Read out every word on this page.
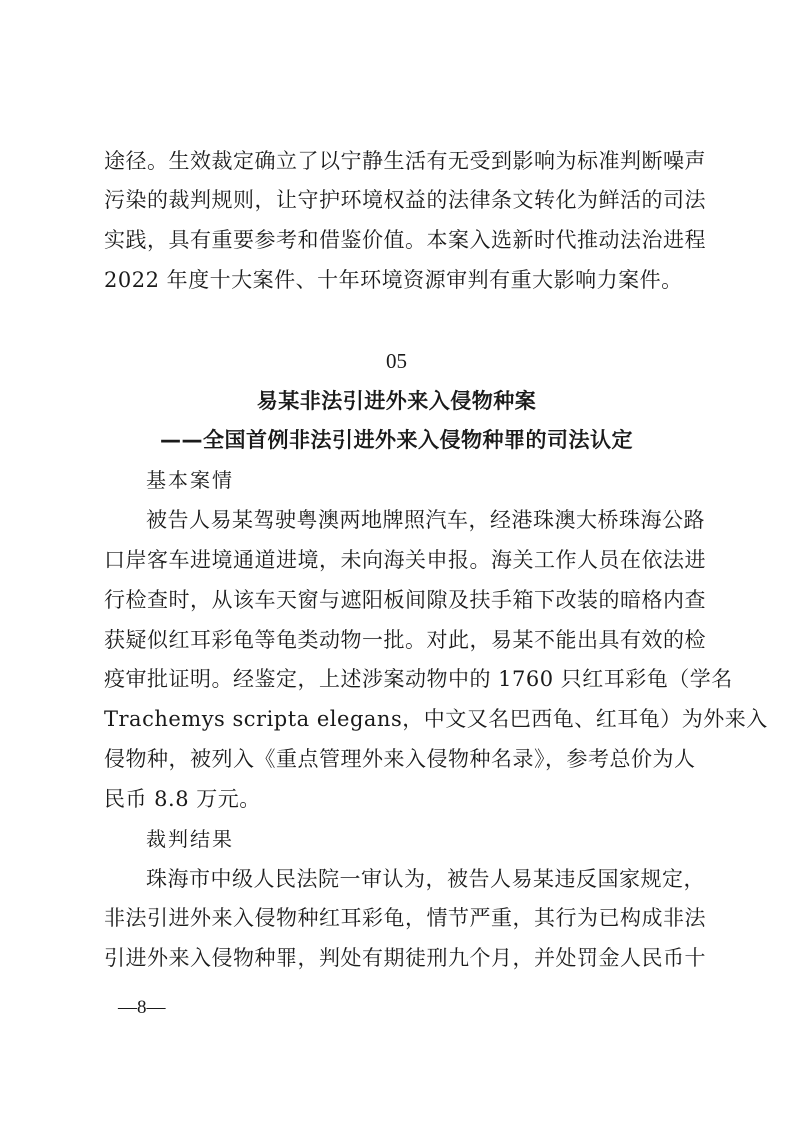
途径。生效裁定确立了以宁静生活有无受到影响为标准判断噪声
污染的裁判规则，让守护环境权益的法律条文转化为鲜活的司法
实践，具有重要参考和借鉴价值。本案入选新时代推动法治进程
2022 年度十大案件、十年环境资源审判有重大影响力案件。
05
易某非法引进外来入侵物种案
——全国首例非法引进外来入侵物种罪的司法认定
基本案情
被告人易某驾驶粤澳两地牌照汽车，经港珠澳大桥珠海公路
口岸客车进境通道进境，未向海关申报。海关工作人员在依法进
行检查时，从该车天窗与遮阳板间隙及扶手箱下改装的暗格内查
获疑似红耳彩龟等龟类动物一批。对此，易某不能出具有效的检
疫审批证明。经鉴定，上述涉案动物中的 1760 只红耳彩龟（学名
Trachemys scripta elegans，中文又名巴西龟、红耳龟）为外来入
侵物种，被列入《重点管理外来入侵物种名录》，参考总价为人
民币 8.8 万元。
裁判结果
珠海市中级人民法院一审认为，被告人易某违反国家规定，
非法引进外来入侵物种红耳彩龟，情节严重，其行为已构成非法
引进外来入侵物种罪，判处有期徒刑九个月，并处罚金人民币十
—8—
